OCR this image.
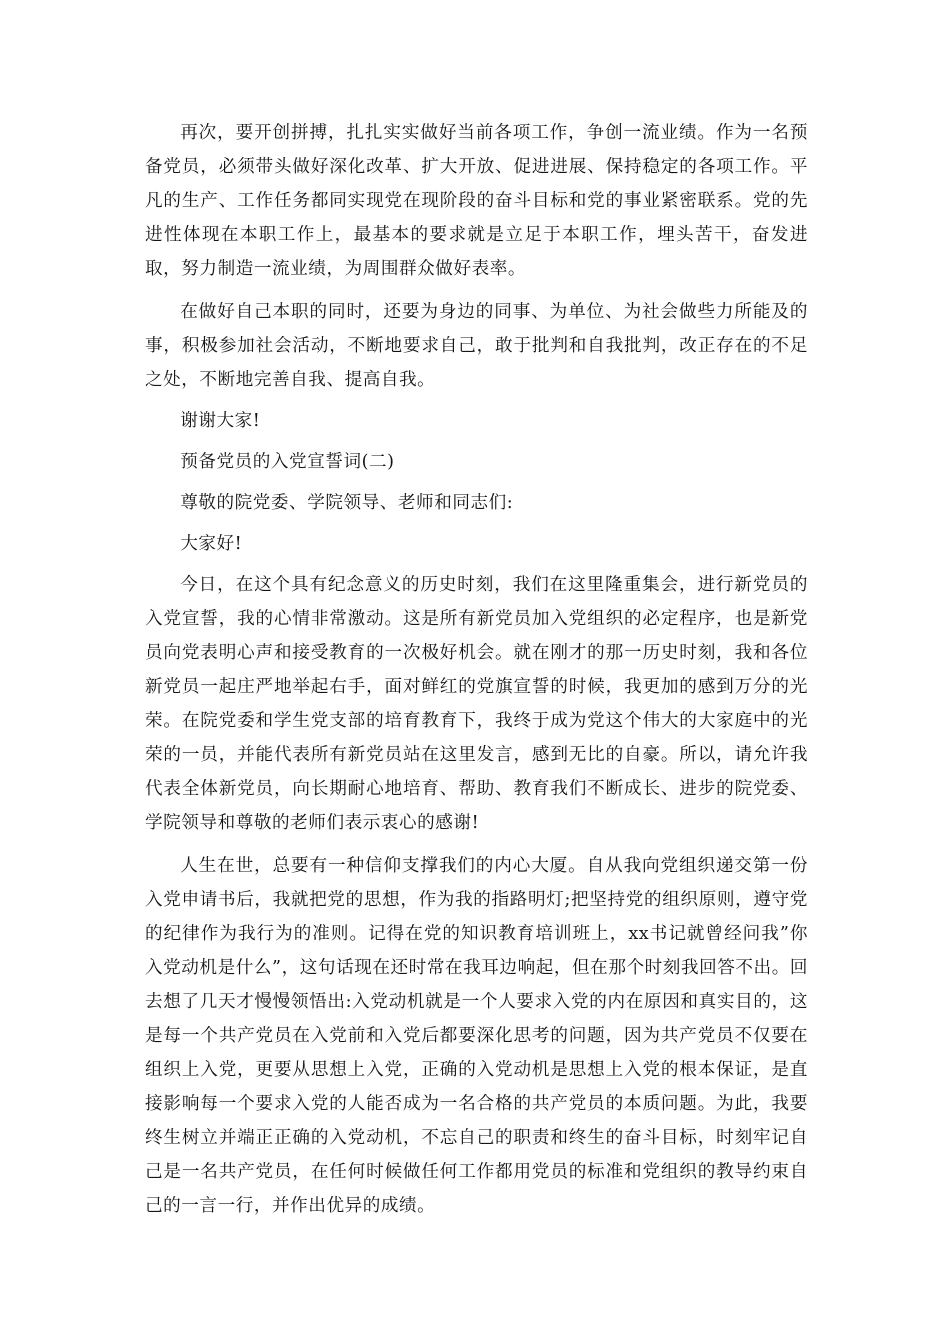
再次，要开创拼搏，扎扎实实做好当前各项工作，争创一流业绩。作为一名预备党员，必须带头做好深化改革、扩大开放、促进进展、保持稳定的各项工作。平凡的生产、工作任务都同实现党在现阶段的奋斗目标和党的事业紧密联系。党的先进性体现在本职工作上，最基本的要求就是立足于本职工作，埋头苦干，奋发进取，努力制造一流业绩，为周围群众做好表率。

在做好自己本职的同时，还要为身边的同事、为单位、为社会做些力所能及的事，积极参加社会活动，不断地要求自己，敢于批判和自我批判，改正存在的不足之处，不断地完善自我、提高自我。

谢谢大家!

预备党员的入党宣誓词(二)

尊敬的院党委、学院领导、老师和同志们:

大家好!

今日，在这个具有纪念意义的历史时刻，我们在这里隆重集会，进行新党员的入党宣誓，我的心情非常激动。这是所有新党员加入党组织的必定程序，也是新党员向党表明心声和接受教育的一次极好机会。就在刚才的那一历史时刻，我和各位新党员一起庄严地举起右手，面对鲜红的党旗宣誓的时候，我更加的感到万分的光荣。在院党委和学生党支部的培育教育下，我终于成为党这个伟大的大家庭中的光荣的一员，并能代表所有新党员站在这里发言，感到无比的自豪。所以，请允许我代表全体新党员，向长期耐心地培育、帮助、教育我们不断成长、进步的院党委、学院领导和尊敬的老师们表示衷心的感谢!

人生在世，总要有一种信仰支撑我们的内心大厦。自从我向党组织递交第一份入党申请书后，我就把党的思想，作为我的指路明灯;把坚持党的组织原则，遵守党的纪律作为我行为的准则。记得在党的知识教育培训班上，xx书记就曾经问我”你入党动机是什么”，这句话现在还时常在我耳边响起，但在那个时刻我回答不出。回去想了几天才慢慢领悟出:入党动机就是一个人要求入党的内在原因和真实目的，这是每一个共产党员在入党前和入党后都要深化思考的问题，因为共产党员不仅要在组织上入党，更要从思想上入党，正确的入党动机是思想上入党的根本保证，是直接影响每一个要求入党的人能否成为一名合格的共产党员的本质问题。为此，我要终生树立并端正正确的入党动机，不忘自己的职责和终生的奋斗目标，时刻牢记自己是一名共产党员，在任何时候做任何工作都用党员的标准和党组织的教导约束自己的一言一行，并作出优异的成绩。
